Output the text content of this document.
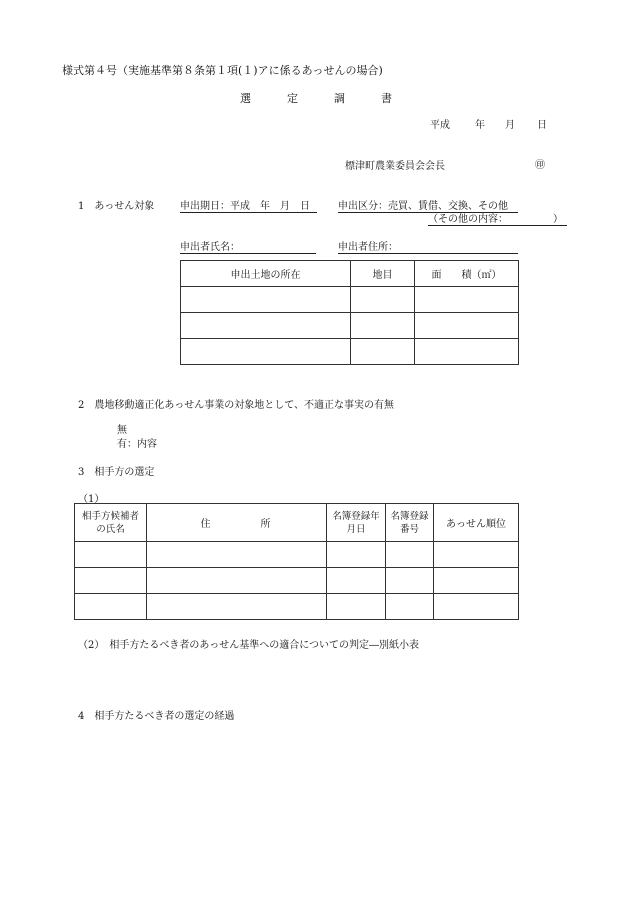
様式第４号（実施基準第８条第１項(１)アに係るあっせんの場合)
選定調書
平成	年 月 日
標津町農業委員会会長	㊞
1　あっせん対象	申出期日：平成　年　月　日	申出区分：売買、賃借、交換、その他
（その他の内容：　　　　　）
申出者氏名：	申出者住所：
申出土地の所在	地目	面　　積（㎡）

2　農地移動適正化あっせん事業の対象地として、不適正な事実の有無
無
有：内容
3　相手方の選定
（1）
相手方候補者の氏名	住　　　　所	名簿登録年月日	名簿登録番号	あっせん順位

（2）　相手方たるべき者のあっせん基準への適合についての判定―別紙小表
4　相手方たるべき者の選定の経過
